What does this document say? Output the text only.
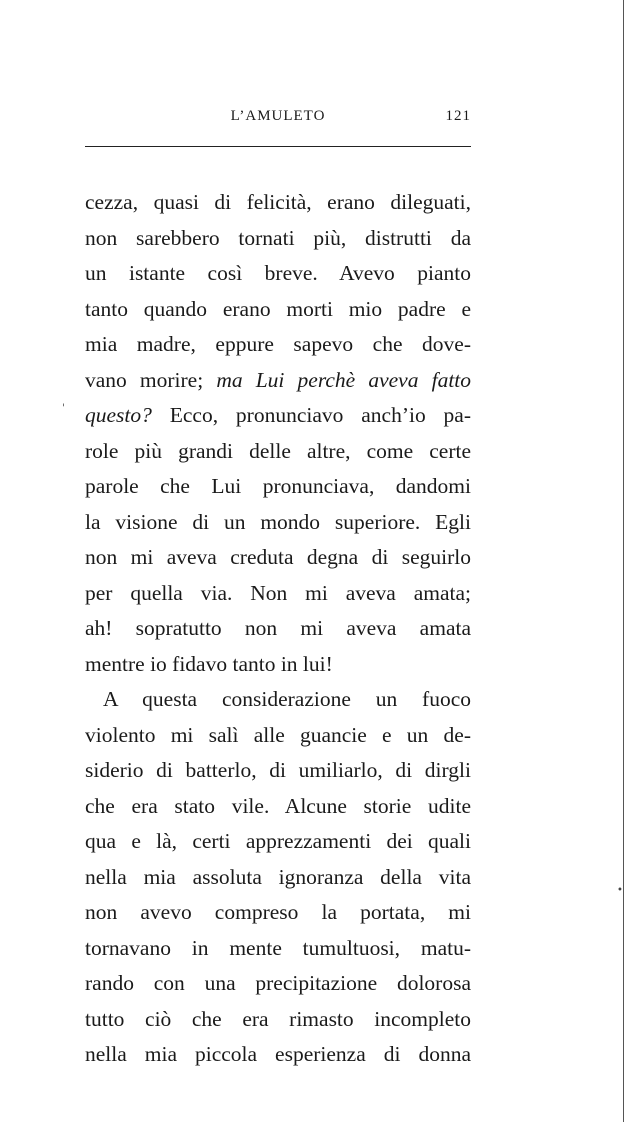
L’AMULETO	121
cezza, quasi di felicità, erano dileguati,
non sarebbero tornati più, distrutti da
un istante così breve. Avevo pianto
tanto quando erano morti mio padre e
mia madre, eppure sapevo che dove-
vano morire; ma Lui perchè aveva fatto
questo? Ecco, pronunciavo anch’io pa-
role più grandi delle altre, come certe
parole che Lui pronunciava, dandomi
la visione di un mondo superiore. Egli
non mi aveva creduta degna di seguirlo
per quella via. Non mi aveva amata;
ah! sopratutto non mi aveva amata
mentre io fidavo tanto in lui!
A questa considerazione un fuoco
violento mi salì alle guancie e un de-
siderio di batterlo, di umiliarlo, di dirgli
che era stato vile. Alcune storie udite
qua e là, certi apprezzamenti dei quali
nella mia assoluta ignoranza della vita
non avevo compreso la portata, mi
tornavano in mente tumultuosi, matu-
rando con una precipitazione dolorosa
tutto ciò che era rimasto incompleto
nella mia piccola esperienza di donna
'
•
